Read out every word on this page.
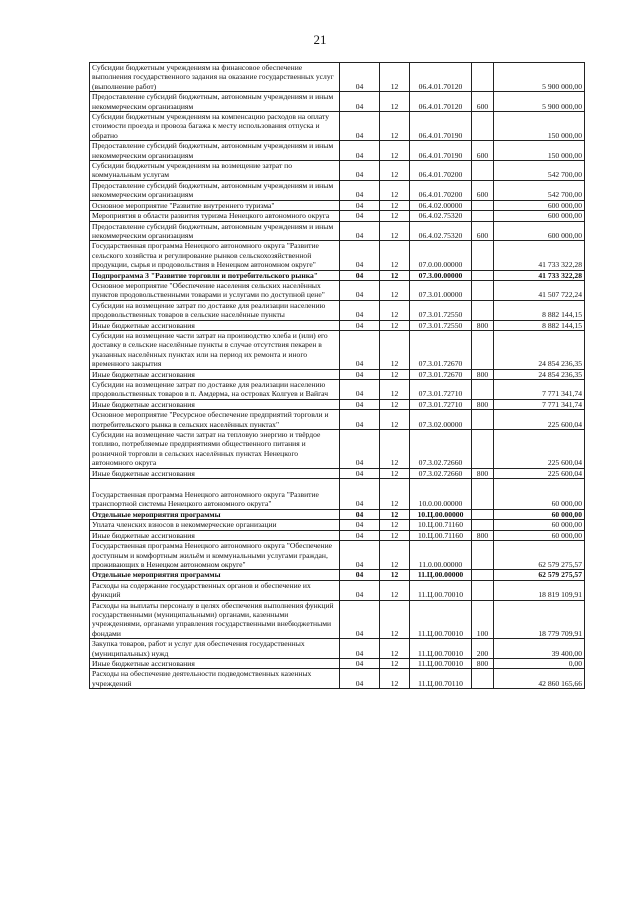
21
Субсидии бюджетным учреждениям на финансовое обеспечение выполнения государственного задания на оказание государственных услуг (выполнение работ)	04	12	06.4.01.70120		5 900 000,00
Предоставление субсидий бюджетным, автономным учреждениям и иным некоммерческим организациям	04	12	06.4.01.70120	600	5 900 000,00
Субсидии бюджетным учреждениям на компенсацию расходов на оплату стоимости проезда и провоза багажа к месту использования отпуска и обратно	04	12	06.4.01.70190		150 000,00
Предоставление субсидий бюджетным, автономным учреждениям и иным некоммерческим организациям	04	12	06.4.01.70190	600	150 000,00
Субсидии бюджетным учреждениям на возмещение затрат по коммунальным услугам	04	12	06.4.01.70200		542 700,00
Предоставление субсидий бюджетным, автономным учреждениям и иным некоммерческим организациям	04	12	06.4.01.70200	600	542 700,00
Основное мероприятие "Развитие внутреннего туризма"	04	12	06.4.02.00000		600 000,00
Мероприятия в области развития туризма Ненецкого автономного округа	04	12	06.4.02.75320		600 000,00
Предоставление субсидий бюджетным, автономным учреждениям и иным некоммерческим организациям	04	12	06.4.02.75320	600	600 000,00
Государственная программа Ненецкого автономного округа "Развитие сельского хозяйства и регулирование рынков сельскохозяйственной продукции, сырья и продовольствия в Ненецком автономном округе"	04	12	07.0.00.00000		41 733 322,28
Подпрограмма 3 "Развитие торговли и потребительского рынка"	04	12	07.3.00.00000		41 733 322,28
Основное мероприятие "Обеспечение населения сельских населённых пунктов продовольственными товарами и услугами по доступной цене"	04	12	07.3.01.00000		41 507 722,24
Субсидии на возмещение затрат по доставке для реализации населению продовольственных товаров в сельские населённые пункты	04	12	07.3.01.72550		8 882 144,15
Иные бюджетные ассигнования	04	12	07.3.01.72550	800	8 882 144,15
Субсидии на возмещение части затрат на производство хлеба и (или) его доставку в сельские населённые пункты в случае отсутствия пекарен в указанных населённых пунктах или на период их ремонта и иного временного закрытия	04	12	07.3.01.72670		24 854 236,35
Иные бюджетные ассигнования	04	12	07.3.01.72670	800	24 854 236,35
Субсидии на возмещение затрат по доставке для реализации населению продовольственных товаров в п. Амдерма, на островах Колгуев и Вайгач	04	12	07.3.01.72710		7 771 341,74
Иные бюджетные ассигнования	04	12	07.3.01.72710	800	7 771 341,74
Основное мероприятие "Ресурсное обеспечение предприятий торговли и потребительского рынка в сельских населённых пунктах"	04	12	07.3.02.00000		225 600,04
Субсидии на возмещение части затрат на тепловую энергию и твёрдое топливо, потребляемые предприятиями общественного питания и розничной торговли в сельских населённых пунктах Ненецкого автономного округа	04	12	07.3.02.72660		225 600,04
Иные бюджетные ассигнования	04	12	07.3.02.72660	800	225 600,04
Государственная программа Ненецкого автономного округа "Развитие транспортной системы Ненецкого автономного округа"	04	12	10.0.00.00000		60 000,00
Отдельные мероприятия программы	04	12	10.Ц.00.00000		60 000,00
Уплата членских взносов в некоммерческие организации	04	12	10.Ц.00.71160		60 000,00
Иные бюджетные ассигнования	04	12	10.Ц.00.71160	800	60 000,00
Государственная программа Ненецкого автономного округа "Обеспечение доступным и комфортным жильём и коммунальными услугами граждан, проживающих в Ненецком автономном округе"	04	12	11.0.00.00000		62 579 275,57
Отдельные мероприятия программы	04	12	11.Ц.00.00000		62 579 275,57
Расходы на содержание государственных органов и обеспечение их функций	04	12	11.Ц.00.70010		18 819 109,91
Расходы на выплаты персоналу в целях обеспечения выполнения функций государственными (муниципальными) органами, казенными учреждениями, органами управления государственными внебюджетными фондами	04	12	11.Ц.00.70010	100	18 779 709,91
Закупка товаров, работ и услуг для обеспечения государственных (муниципальных) нужд	04	12	11.Ц.00.70010	200	39 400,00
Иные бюджетные ассигнования	04	12	11.Ц.00.70010	800	0,00
Расходы на обеспечение деятельности подведомственных казенных учреждений	04	12	11.Ц.00.70110		42 860 165,66
